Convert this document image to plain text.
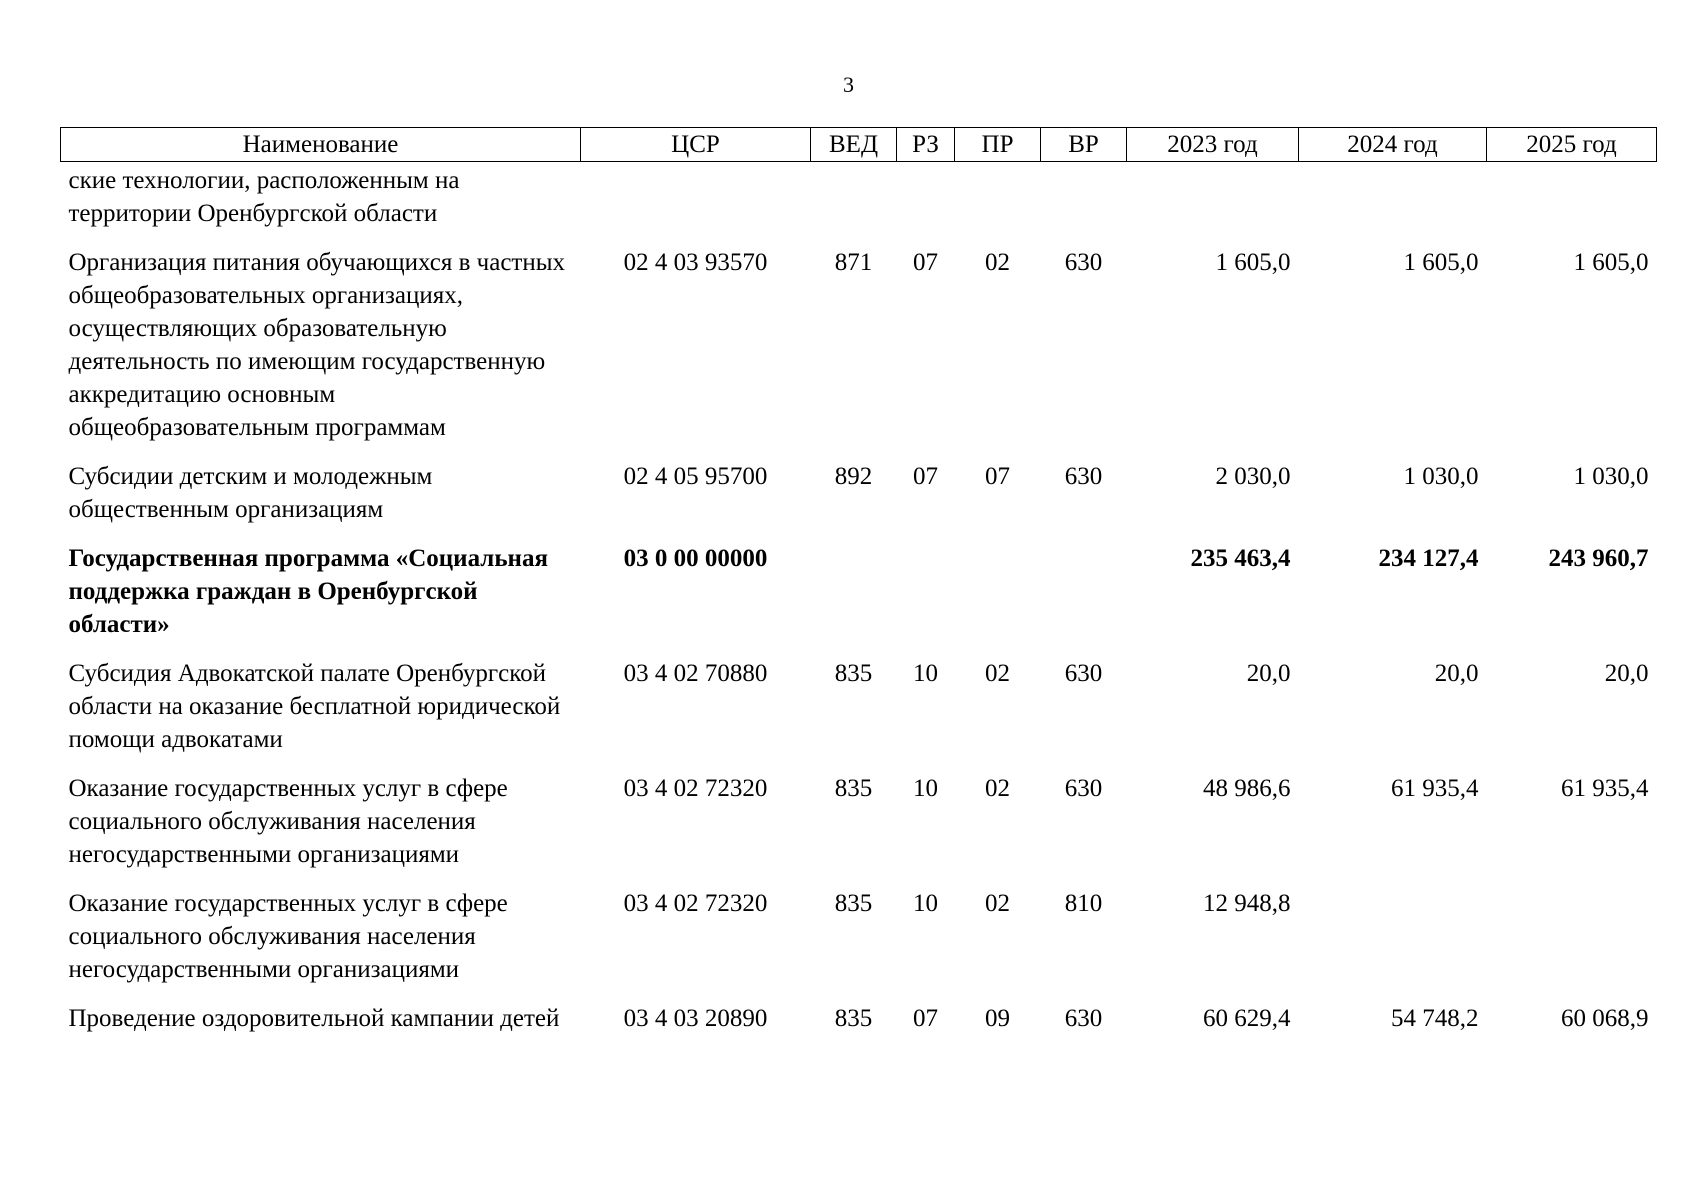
3
Наименование	ЦСР	ВЕД	РЗ	ПР	ВР	2023 год	2024 год	2025 год
ские технологии, расположенным на территории Оренбургской области								
Организация питания обучающихся в частных общеобразовательных организациях, осуществляющих образовательную деятельность по имеющим государственную аккредитацию основным общеобразовательным программам	02 4 03 93570	871	07	02	630	1 605,0	1 605,0	1 605,0
Субсидии детским и молодежным общественным организациям	02 4 05 95700	892	07	07	630	2 030,0	1 030,0	1 030,0
Государственная программа «Социальная поддержка граждан в Оренбургской области»	03 0 00 00000					235 463,4	234 127,4	243 960,7
Субсидия Адвокатской палате Оренбургской области на оказание бесплатной юридической помощи адвокатами	03 4 02 70880	835	10	02	630	20,0	20,0	20,0
Оказание государственных услуг в сфере социального обслуживания населения негосударственными организациями	03 4 02 72320	835	10	02	630	48 986,6	61 935,4	61 935,4
Оказание государственных услуг в сфере социального обслуживания населения негосударственными организациями	03 4 02 72320	835	10	02	810	12 948,8		
Проведение оздоровительной кампании детей	03 4 03 20890	835	07	09	630	60 629,4	54 748,2	60 068,9
